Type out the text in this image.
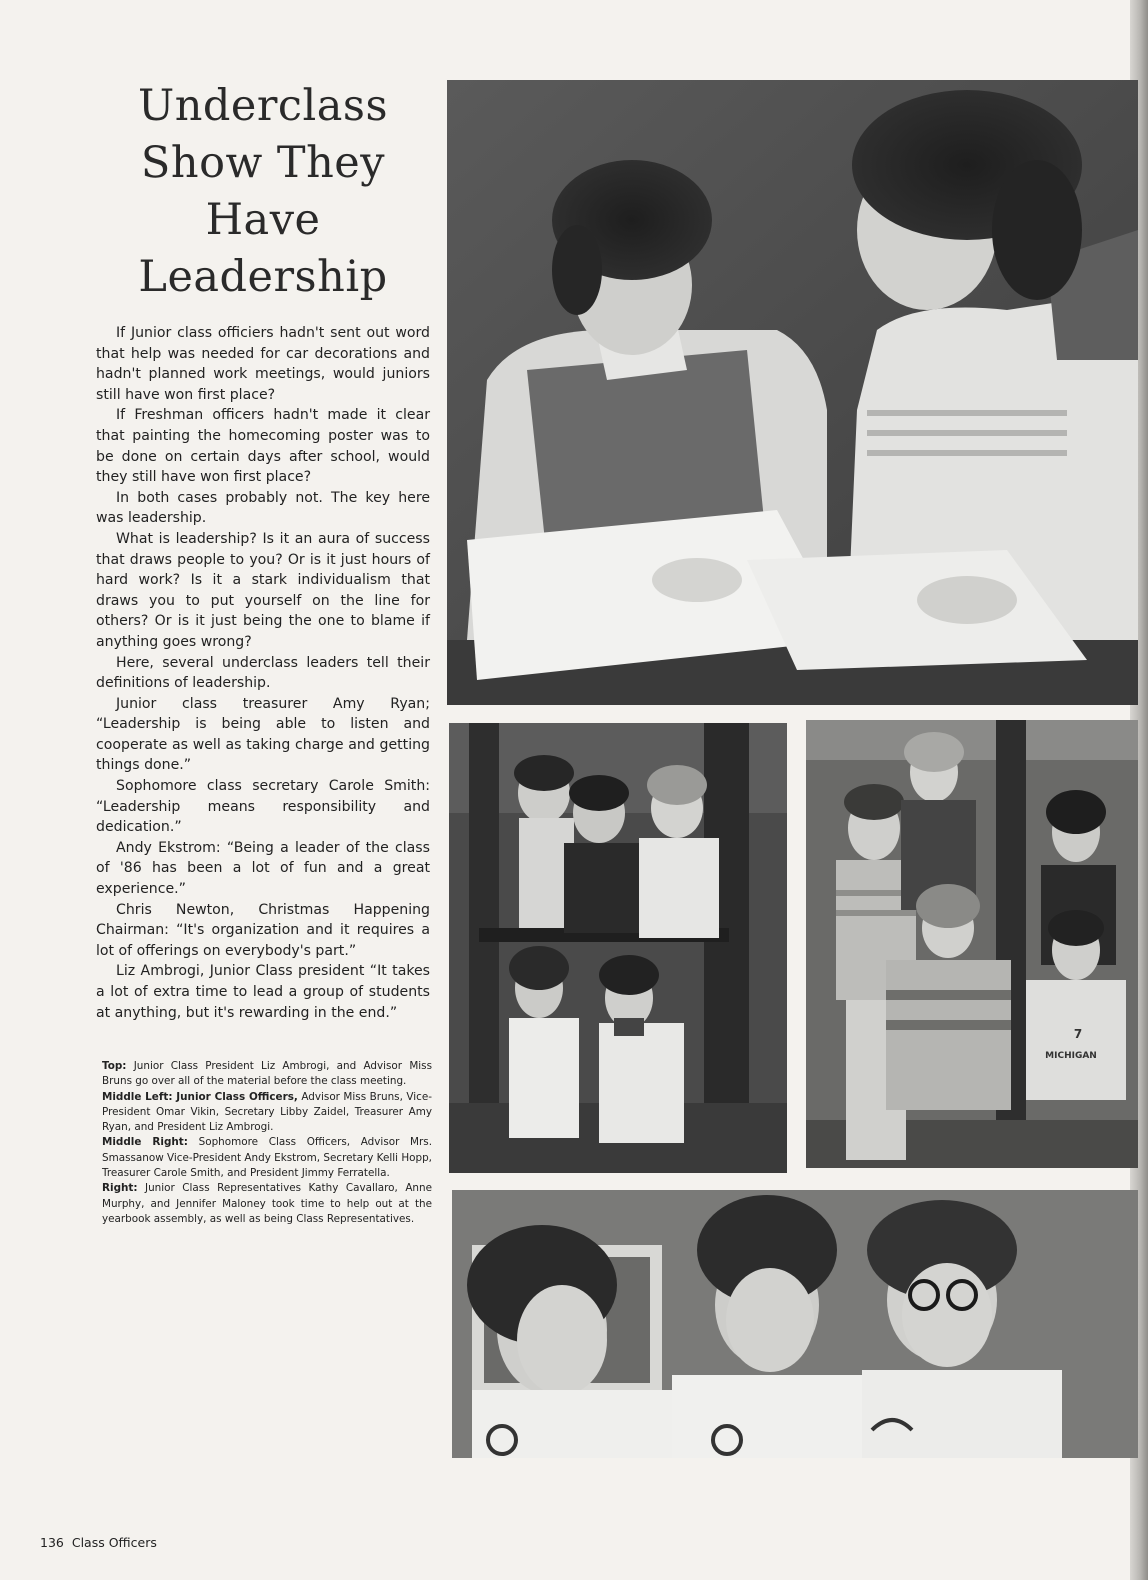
Underclass
Show They
Have
Leadership

If Junior class officiers hadn't sent out word that help was needed for car decorations and hadn't planned work meetings, would juniors still have won first place?

If Freshman officers hadn't made it clear that painting the homecoming poster was to be done on certain days after school, would they still have won first place?

In both cases probably not. The key here was leadership.

What is leadership? Is it an aura of success that draws people to you? Or is it just hours of hard work? Is it a stark individualism that draws you to put yourself on the line for others? Or is it just being the one to blame if anything goes wrong?

Here, several underclass leaders tell their definitions of leadership.

Junior class treasurer Amy Ryan; “Leadership is being able to listen and cooperate as well as taking charge and getting things done.”

Sophomore class secretary Carole Smith: “Leadership means responsibility and dedication.”

Andy Ekstrom: “Being a leader of the class of '86 has been a lot of fun and a great experience.”

Chris Newton, Christmas Happening Chairman: “It's organization and it requires a lot of offerings on everybody's part.”

Liz Ambrogi, Junior Class president “It takes a lot of extra time to lead a group of students at anything, but it's rewarding in the end.”

Top: Junior Class President Liz Ambrogi, and Advisor Miss Bruns go over all of the material before the class meeting.

Middle Left: Junior Class Officers, Advisor Miss Bruns, Vice-President Omar Vikin, Secretary Libby Zaidel, Treasurer Amy Ryan, and President Liz Ambrogi.

Middle Right: Sophomore Class Officers, Advisor Mrs. Smassanow Vice-President Andy Ekstrom, Secretary Kelli Hopp, Treasurer Carole Smith, and President Jimmy Ferratella.

Right: Junior Class Representatives Kathy Cavallaro, Anne Murphy, and Jennifer Maloney took time to help out at the yearbook assembly, as well as being Class Representatives.

136 Class Officers
7
MICHIGAN
